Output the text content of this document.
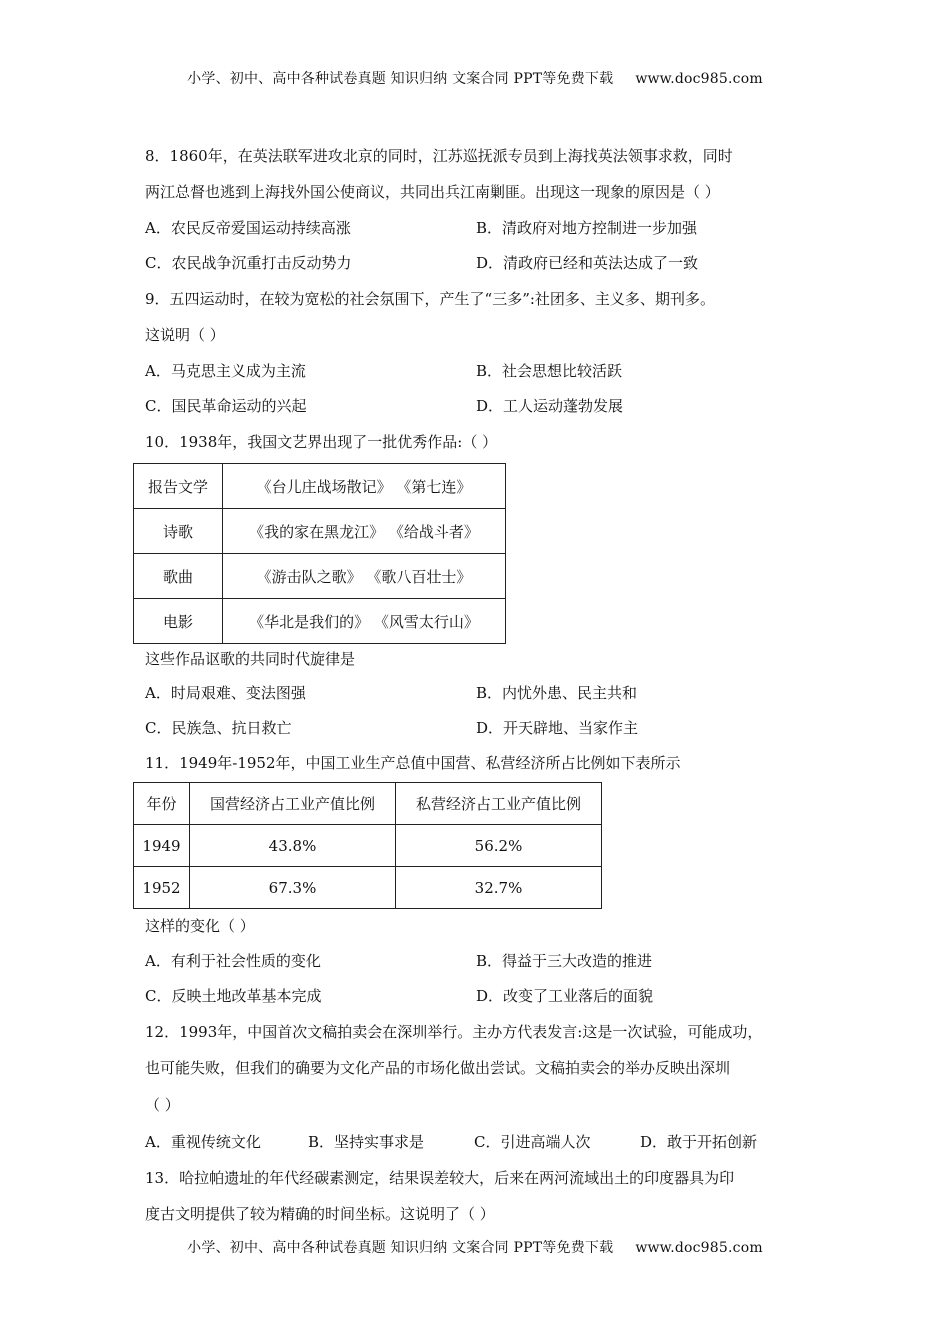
小学、初中、高中各种试卷真题 知识归纳 文案合同 PPT等免费下载 www.doc985.com
8．1860年，在英法联军进攻北京的同时，江苏巡抚派专员到上海找英法领事求救，同时
两江总督也逃到上海找外国公使商议，共同出兵江南剿匪。出现这一现象的原因是（ ）
A．农民反帝爱国运动持续高涨	B．清政府对地方控制进一步加强
C．农民战争沉重打击反动势力	D．清政府已经和英法达成了一致
9．五四运动时，在较为宽松的社会氛围下，产生了“三多”:社团多、主义多、期刊多。
这说明（ ）
A．马克思主义成为主流	B．社会思想比较活跃
C．国民革命运动的兴起	D．工人运动蓬勃发展
10．1938年，我国文艺界出现了一批优秀作品:（ ）
报告文学	《台儿庄战场散记》 《第七连》
诗歌	《我的家在黑龙江》 《给战斗者》
歌曲	《游击队之歌》 《歌八百壮士》
电影	《华北是我们的》 《风雪太行山》
这些作品讴歌的共同时代旋律是
A．时局艰难、变法图强	B．内忧外患、民主共和
C．民族急、抗日救亡	D．开天辟地、当家作主
11．1949年-1952年，中国工业生产总值中国营、私营经济所占比例如下表所示
年份	国营经济占工业产值比例	私营经济占工业产值比例
1949	43.8%	56.2%
1952	67.3%	32.7%
这样的变化（ ）
A．有利于社会性质的变化	B．得益于三大改造的推进
C．反映土地改革基本完成	D．改变了工业落后的面貌
12．1993年，中国首次文稿拍卖会在深圳举行。主办方代表发言:这是一次试验，可能成功，
也可能失败，但我们的确要为文化产品的市场化做出尝试。文稿拍卖会的举办反映出深圳
（ ）
A．重视传统文化	B．坚持实事求是	C．引进高端人次	D．敢于开拓创新
13．哈拉帕遗址的年代经碳素测定，结果误差较大，后来在两河流域出土的印度器具为印
度古文明提供了较为精确的时间坐标。这说明了（ ）
小学、初中、高中各种试卷真题 知识归纳 文案合同 PPT等免费下载 www.doc985.com
